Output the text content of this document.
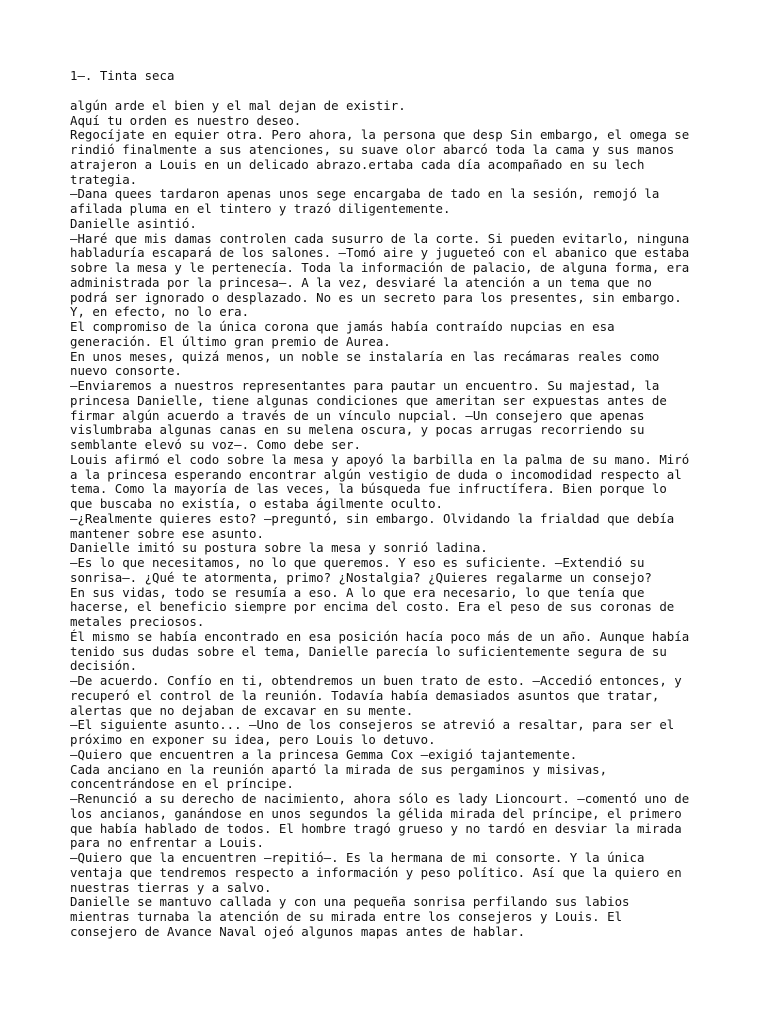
1—. Tinta seca
algún arde el bien y el mal dejan de existir.
Aquí tu orden es nuestro deseo.
Regocíjate en equier otra. Pero ahora, la persona que desp Sin embargo, el omega se
rindió finalmente a sus atenciones, su suave olor abarcó toda la cama y sus manos
atrajeron a Louis en un delicado abrazo.ertaba cada día acompañado en su lech
trategia.
—Dana quees tardaron apenas unos sege encargaba de tado en la sesión, remojó la
afilada pluma en el tintero y trazó diligentemente.
Danielle asintió.
—Haré que mis damas controlen cada susurro de la corte. Si pueden evitarlo, ninguna
habladuría escapará de los salones. —Tomó aire y jugueteó con el abanico que estaba
sobre la mesa y le pertenecía. Toda la información de palacio, de alguna forma, era
administrada por la princesa—. A la vez, desviaré la atención a un tema que no
podrá ser ignorado o desplazado. No es un secreto para los presentes, sin embargo.
Y, en efecto, no lo era.
El compromiso de la única corona que jamás había contraído nupcias en esa
generación. El último gran premio de Aurea.
En unos meses, quizá menos, un noble se instalaría en las recámaras reales como
nuevo consorte.
—Enviaremos a nuestros representantes para pautar un encuentro. Su majestad, la
princesa Danielle, tiene algunas condiciones que ameritan ser expuestas antes de
firmar algún acuerdo a través de un vínculo nupcial. —Un consejero que apenas
vislumbraba algunas canas en su melena oscura, y pocas arrugas recorriendo su
semblante elevó su voz—. Como debe ser.
Louis afirmó el codo sobre la mesa y apoyó la barbilla en la palma de su mano. Miró
a la princesa esperando encontrar algún vestigio de duda o incomodidad respecto al
tema. Como la mayoría de las veces, la búsqueda fue infructífera. Bien porque lo
que buscaba no existía, o estaba ágilmente oculto.
—¿Realmente quieres esto? —preguntó, sin embargo. Olvidando la frialdad que debía
mantener sobre ese asunto.
Danielle imitó su postura sobre la mesa y sonrió ladina.
—Es lo que necesitamos, no lo que queremos. Y eso es suficiente. —Extendió su
sonrisa—. ¿Qué te atormenta, primo? ¿Nostalgia? ¿Quieres regalarme un consejo?
En sus vidas, todo se resumía a eso. A lo que era necesario, lo que tenía que
hacerse, el beneficio siempre por encima del costo. Era el peso de sus coronas de
metales preciosos.
Él mismo se había encontrado en esa posición hacía poco más de un año. Aunque había
tenido sus dudas sobre el tema, Danielle parecía lo suficientemente segura de su
decisión.
—De acuerdo. Confío en ti, obtendremos un buen trato de esto. —Accedió entonces, y
recuperó el control de la reunión. Todavía había demasiados asuntos que tratar,
alertas que no dejaban de excavar en su mente.
—El siguiente asunto... —Uno de los consejeros se atrevió a resaltar, para ser el
próximo en exponer su idea, pero Louis lo detuvo.
—Quiero que encuentren a la princesa Gemma Cox —exigió tajantemente.
Cada anciano en la reunión apartó la mirada de sus pergaminos y misivas,
concentrándose en el príncipe.
—Renunció a su derecho de nacimiento, ahora sólo es lady Lioncourt. —comentó uno de
los ancianos, ganándose en unos segundos la gélida mirada del príncipe, el primero
que había hablado de todos. El hombre tragó grueso y no tardó en desviar la mirada
para no enfrentar a Louis.
—Quiero que la encuentren —repitió—. Es la hermana de mi consorte. Y la única
ventaja que tendremos respecto a información y peso político. Así que la quiero en
nuestras tierras y a salvo.
Danielle se mantuvo callada y con una pequeña sonrisa perfilando sus labios
mientras turnaba la atención de su mirada entre los consejeros y Louis. El
consejero de Avance Naval ojeó algunos mapas antes de hablar.
